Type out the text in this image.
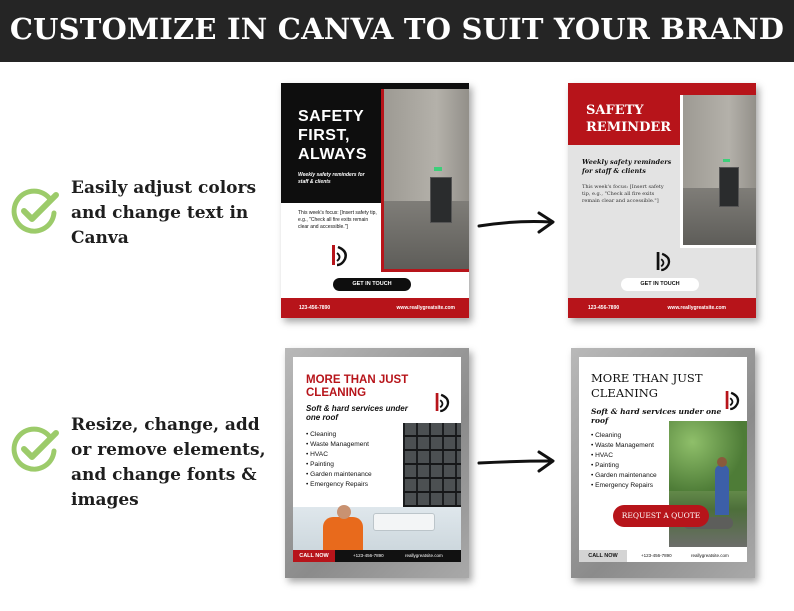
CUSTOMIZE IN CANVA TO SUIT YOUR BRAND
Easily adjust colors
and change text in
Canva
Resize, change, add
or remove elements,
and change fonts &
images
SAFETY
FIRST,
ALWAYS
Weekly safety reminders for
staff & clients
This week's focus: [Insert safety tip,
e.g., "Check all fire exits remain
clear and accessible."]
GET IN TOUCH
123-456-7890	www.reallygreatsite.com
SAFETY
REMINDER
Weekly safety reminders
for staff & clients
This week's focus: [Insert safety
tip, e.g., "Check all fire exits
remain clear and accessible."]
GET IN TOUCH
123-456-7890	www.reallygreatsite.com
MORE THAN JUST
CLEANING
Soft & hard services under
one roof
• Cleaning
• Waste Management
• HVAC
• Painting
• Garden maintenance
• Emergency Repairs
CALL NOW	+123-456-7890	reallygreatsite.com
MORE THAN JUST
CLEANING
Soft & hard services under one
roof
• Cleaning
• Waste Management
• HVAC
• Painting
• Garden maintenance
• Emergency Repairs
REQUEST A QUOTE
CALL NOW	+123-456-7890	reallygreatsite.com
